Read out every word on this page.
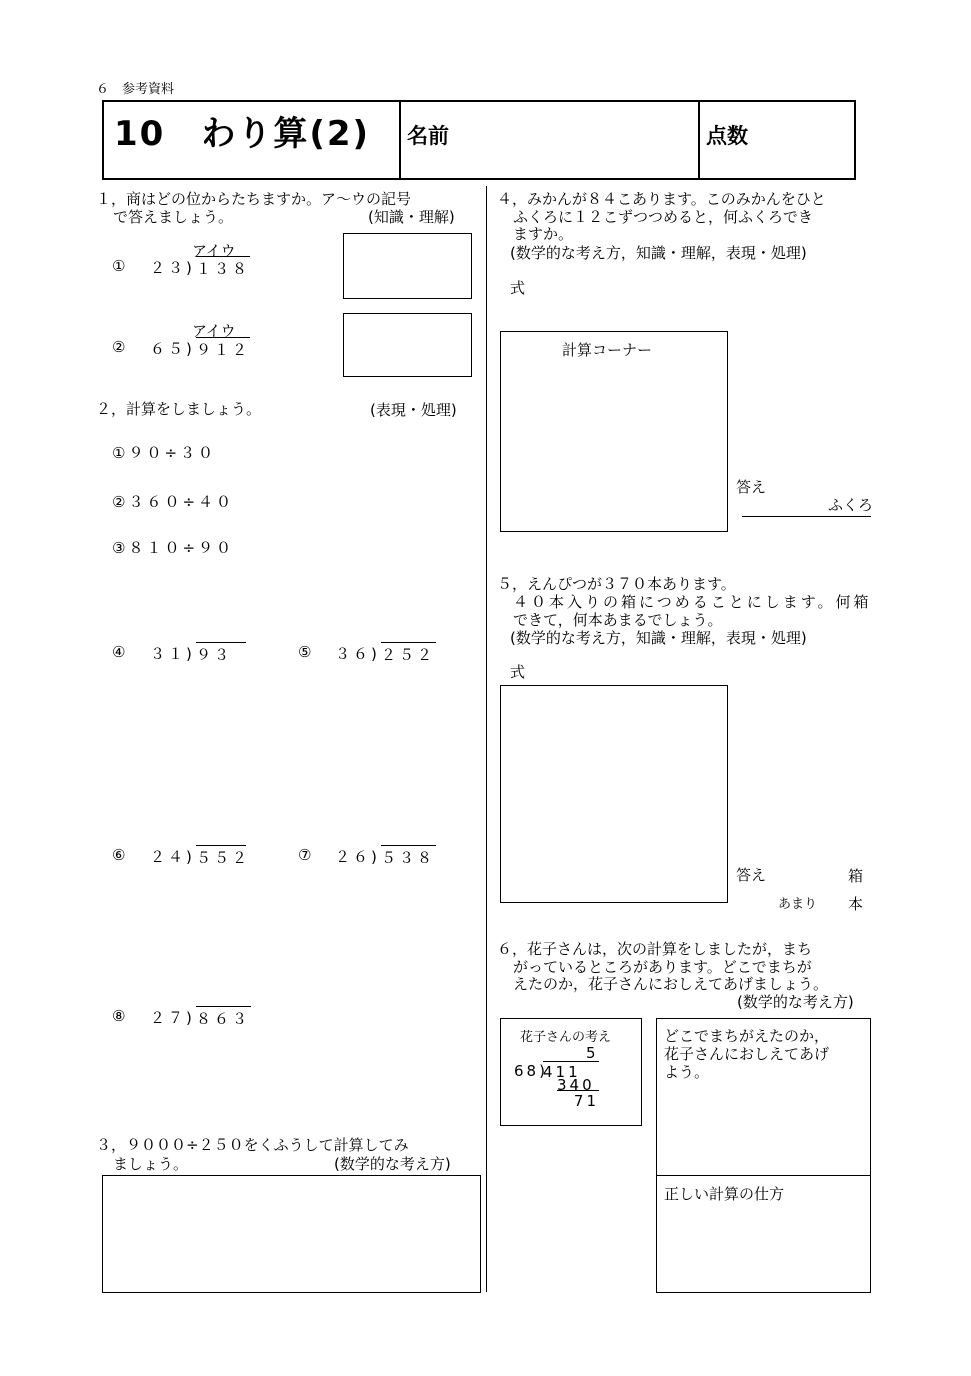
６　参考資料
10　わり算(2) 名前	点数
１，商はどの位からたちますか。ア〜ウの記号
で答えましょう。	(知識・理解)
アイウ
① ２３) １３８
アイウ
② ６５) ９１２
２，計算をしましょう。	(表現・処理)
①９０÷３０
②３６０÷４０
③８１０÷９０
④ ３１) ９３	⑤ ３６) ２５２
⑥ ２４) ５５２	⑦ ２６) ５３８
⑧ ２７) ８６３
３，９０００÷２５０をくふうして計算してみ
ましょう。	(数学的な考え方)
４，みかんが８４こあります。このみかんをひと
ふくろに１２こずつつめると，何ふくろでき
ますか。
(数学的な考え方，知識・理解，表現・処理)
式
計算コーナー
答え
ふくろ
５，えんぴつが３７０本あります。
４０本入りの箱につめることにします。何箱
できて，何本あまるでしょう。
(数学的な考え方，知識・理解，表現・処理)
式
答え	箱
あまり 本
６，花子さんは，次の計算をしましたが，まち
がっているところがあります。どこでまちが
えたのか，花子さんにおしえてあげましょう。
(数学的な考え方)
花子さんの考え
5
68)
411
340
71
どこでまちがえたのか，
花子さんにおしえてあげ
よう。
正しい計算の仕方
